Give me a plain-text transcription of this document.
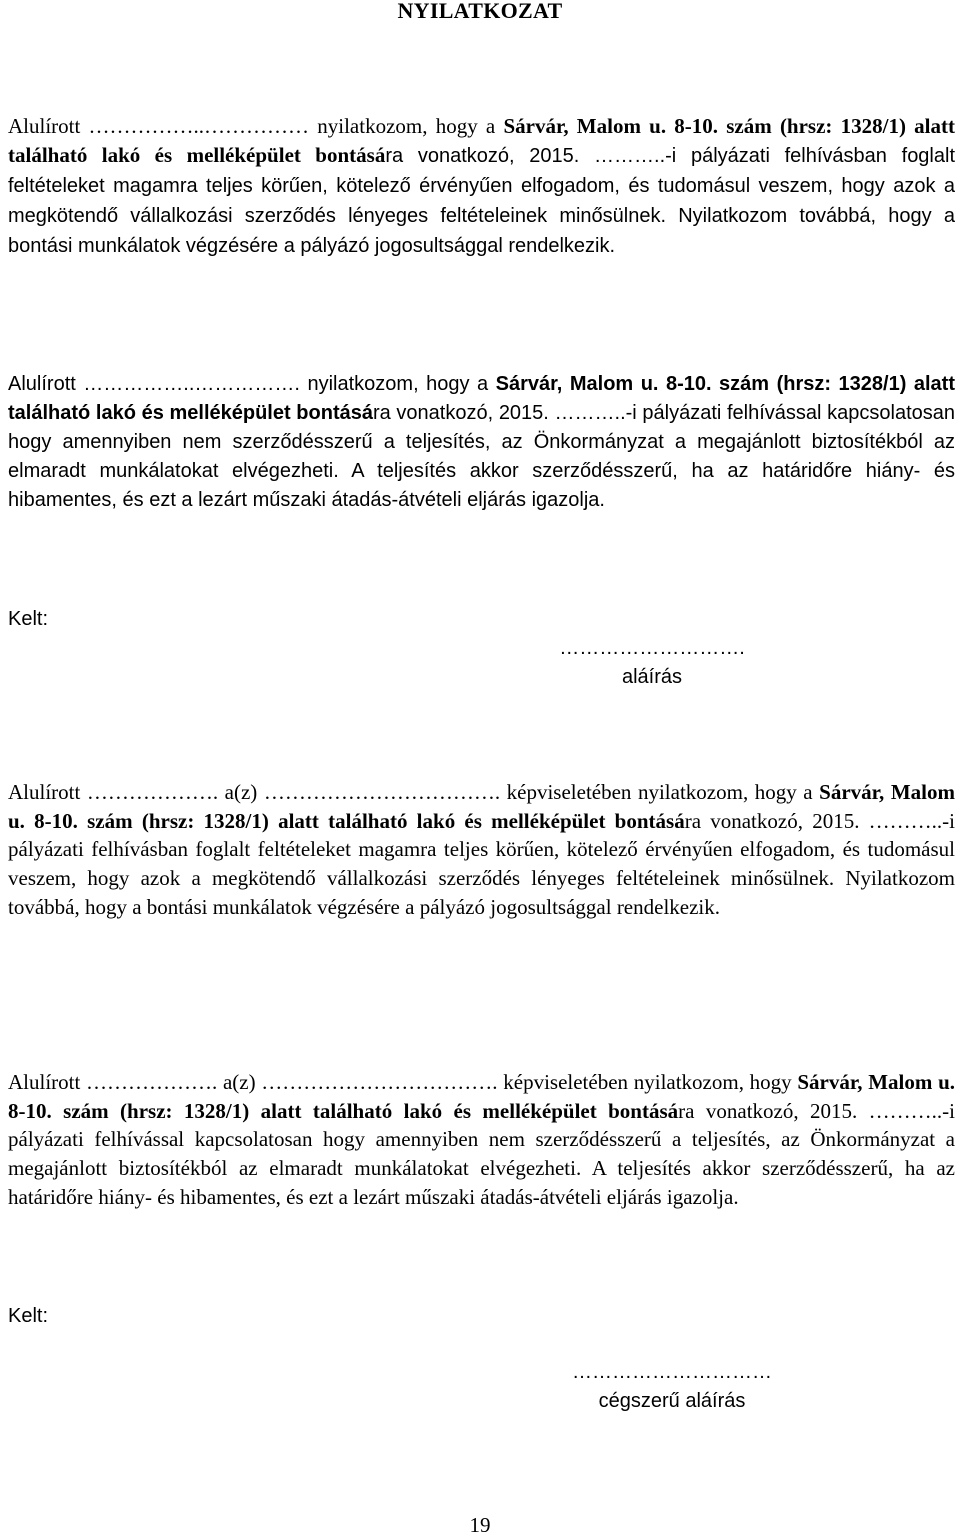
NYILATKOZAT
Alulírott ……………..…………… nyilatkozom, hogy a Sárvár, Malom u. 8-10. szám (hrsz: 1328/1) alatt található lakó és melléképület bontására vonatkozó, 2015. ………..-i pályázati felhívásban foglalt feltételeket magamra teljes körűen, kötelező érvényűen elfogadom, és tudomásul veszem, hogy azok a megkötendő vállalkozási szerződés lényeges feltételeinek minősülnek. Nyilatkozom továbbá, hogy a bontási munkálatok végzésére a pályázó jogosultsággal rendelkezik.
Alulírott ……………..……………. nyilatkozom, hogy a Sárvár, Malom u. 8-10. szám (hrsz: 1328/1) alatt található lakó és melléképület bontására vonatkozó, 2015. ………..-i pályázati felhívással kapcsolatosan hogy amennyiben nem szerződésszerű a teljesítés, az Önkormányzat a megajánlott biztosítékból az elmaradt munkálatokat elvégezheti. A teljesítés akkor szerződésszerű, ha az határidőre hiány- és hibamentes, és ezt a lezárt műszaki átadás-átvételi eljárás igazolja.
Kelt:
……………………….
aláírás
Alulírott ………………. a(z) ……………………………. képviseletében nyilatkozom, hogy a Sárvár, Malom u. 8-10. szám (hrsz: 1328/1) alatt található lakó és melléképület bontására vonatkozó, 2015. ………..-i pályázati felhívásban foglalt feltételeket magamra teljes körűen, kötelező érvényűen elfogadom, és tudomásul veszem, hogy azok a megkötendő vállalkozási szerződés lényeges feltételeinek minősülnek. Nyilatkozom továbbá, hogy a bontási munkálatok végzésére a pályázó jogosultsággal rendelkezik.
Alulírott ………………. a(z) ……………………………. képviseletében nyilatkozom, hogy Sárvár, Malom u. 8-10. szám (hrsz: 1328/1) alatt található lakó és melléképület bontására vonatkozó, 2015. ………..-i pályázati felhívással kapcsolatosan hogy amennyiben nem szerződésszerű a teljesítés, az Önkormányzat a megajánlott biztosítékból az elmaradt munkálatokat elvégezheti. A teljesítés akkor szerződésszerű, ha az határidőre hiány- és hibamentes, és ezt a lezárt műszaki átadás-átvételi eljárás igazolja.
Kelt:
…………………………
cégszerű aláírás
19
